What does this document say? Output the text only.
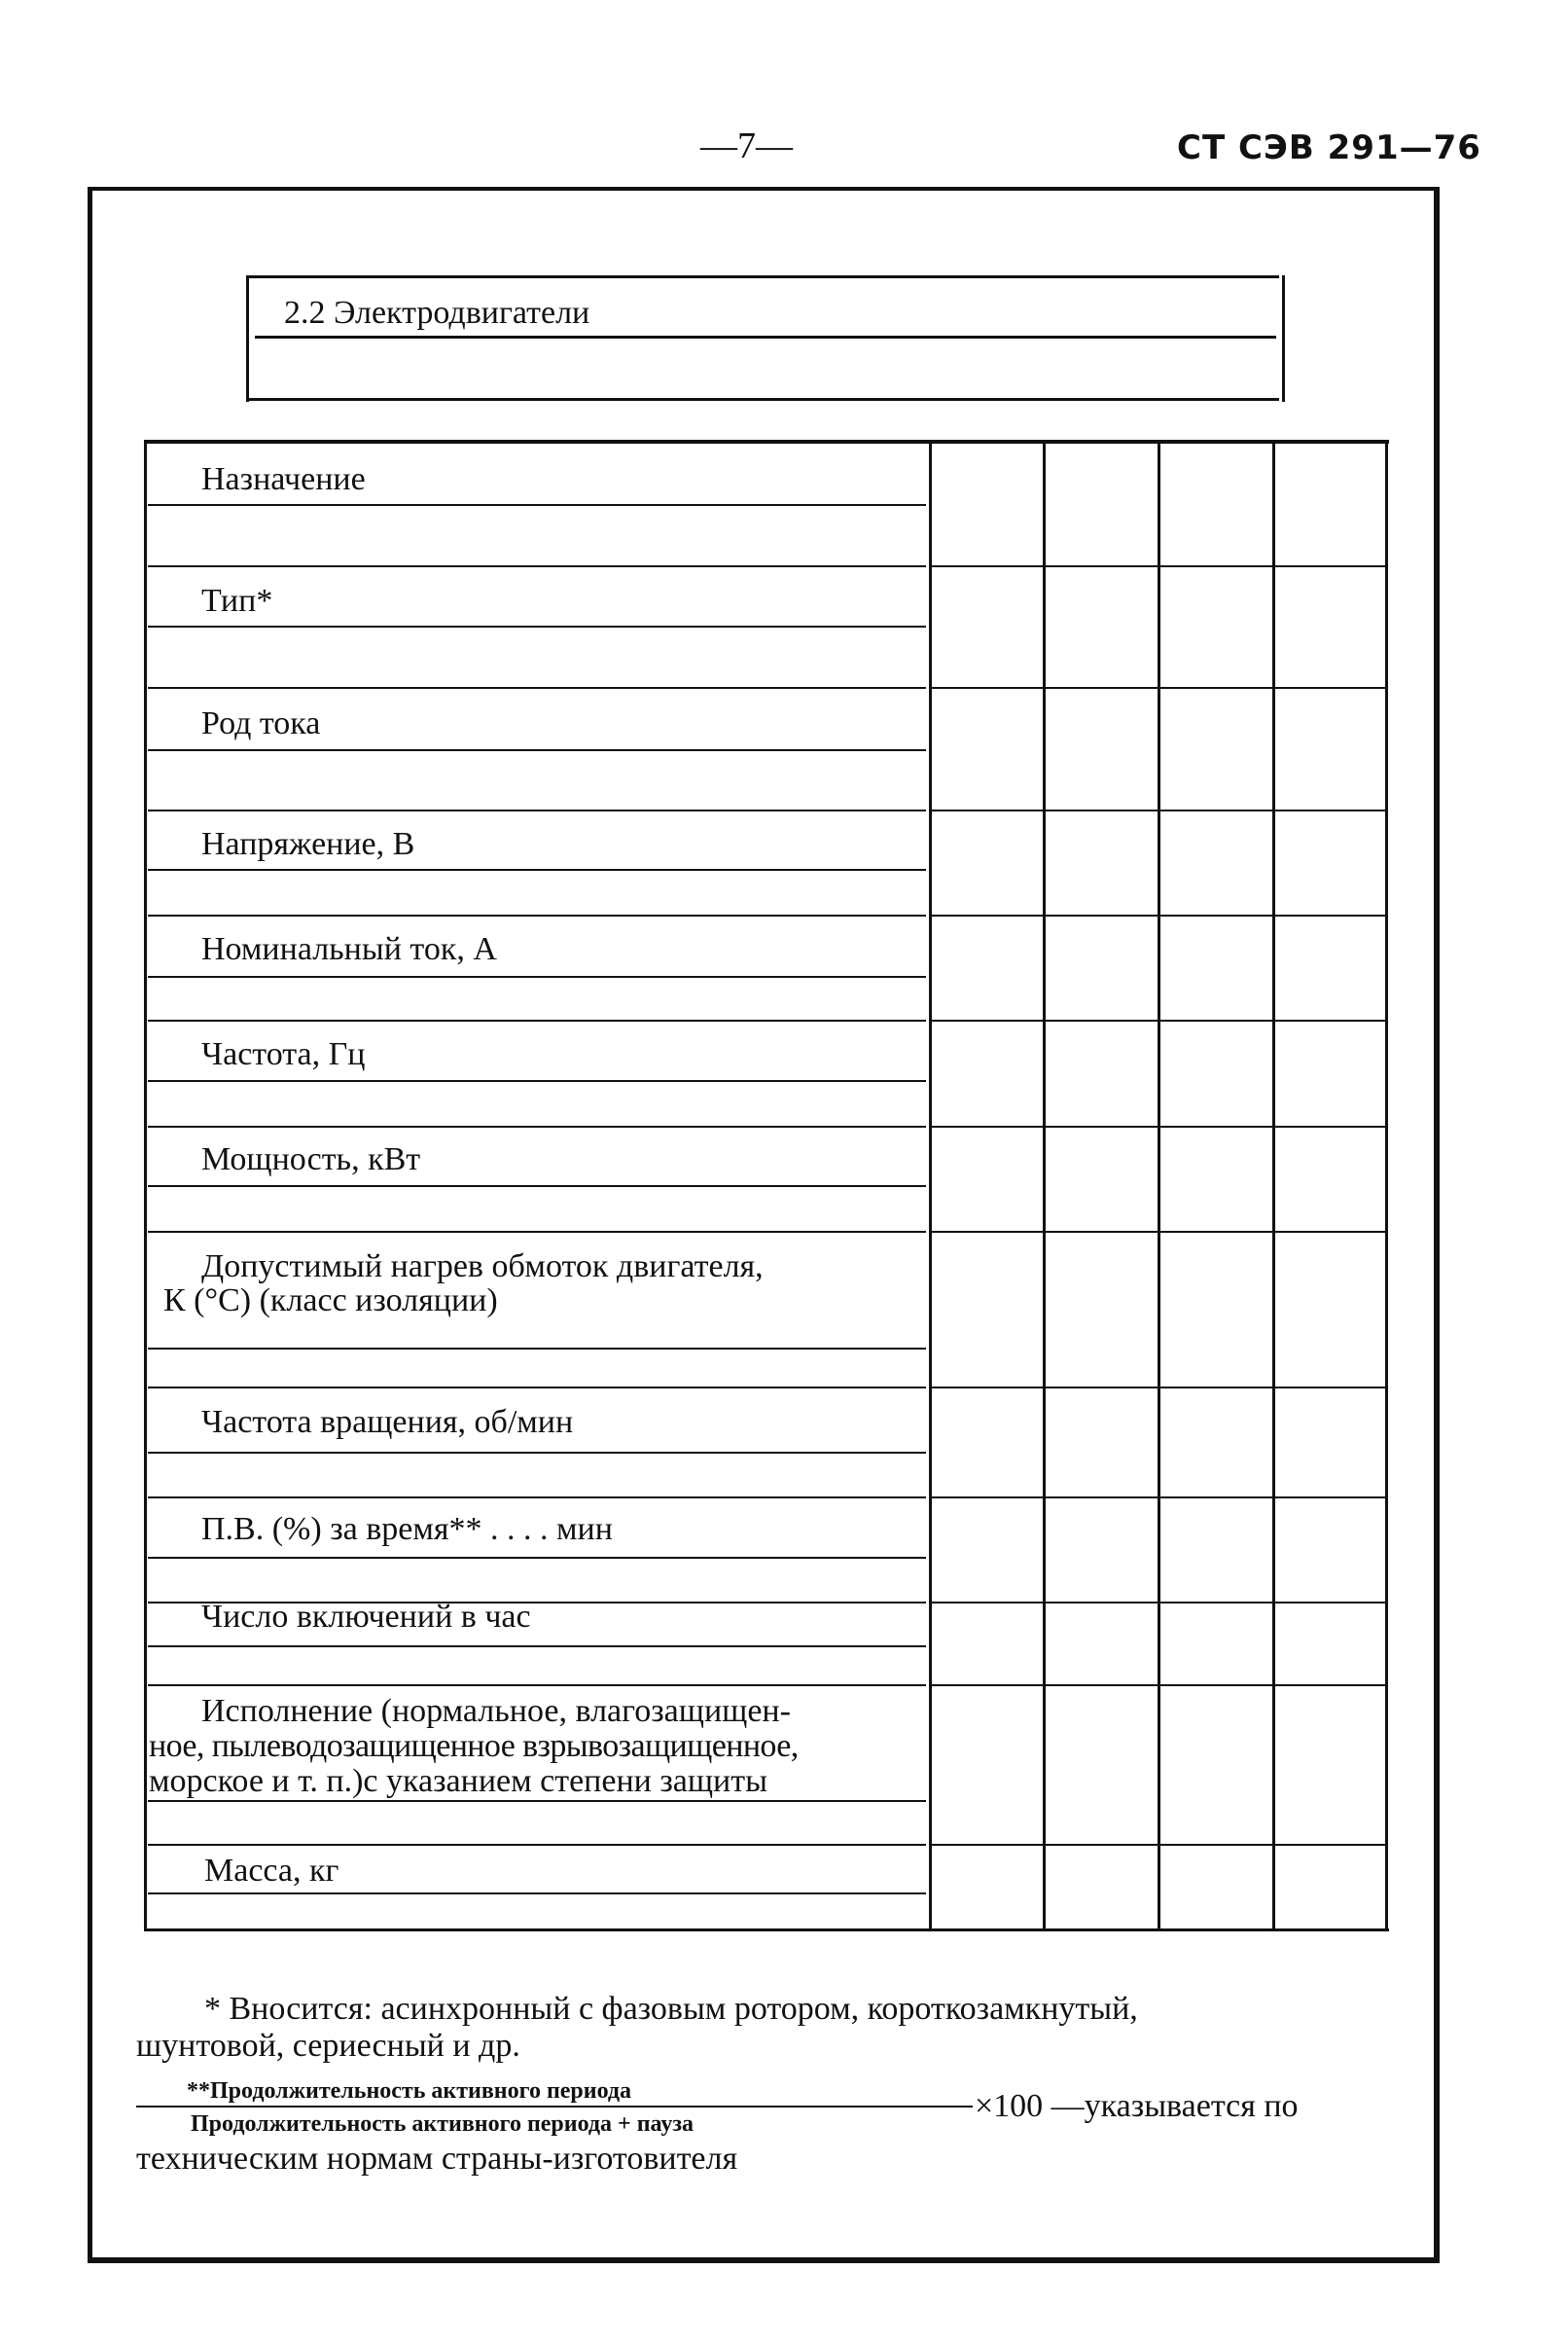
—7—	СТ СЭВ 291—76
2.2 Электродвигатели
Назначение
Тип*
Род тока
Напряжение, В
Номинальный ток, А
Частота, Гц
Мощность, кВт
Допустимый нагрев обмоток двигателя,
К (°С) (класс изоляции)
Частота вращения, об/мин
П.В. (%) за время** . . . . мин
Число включений в час
Исполнение (нормальное, влагозащищен-
ное, пылеводозащищенное взрывозащищенное,
морское и т. п.)с указанием степени защиты
Масса, кг
* Вносится: асинхронный с фазовым ротором, короткозамкнутый,
шунтовой, сериесный и др.
**Продолжительность активного периода
Продолжительность активного периода + пауза	×100 —указывается по
техническим нормам страны-изготовителя
